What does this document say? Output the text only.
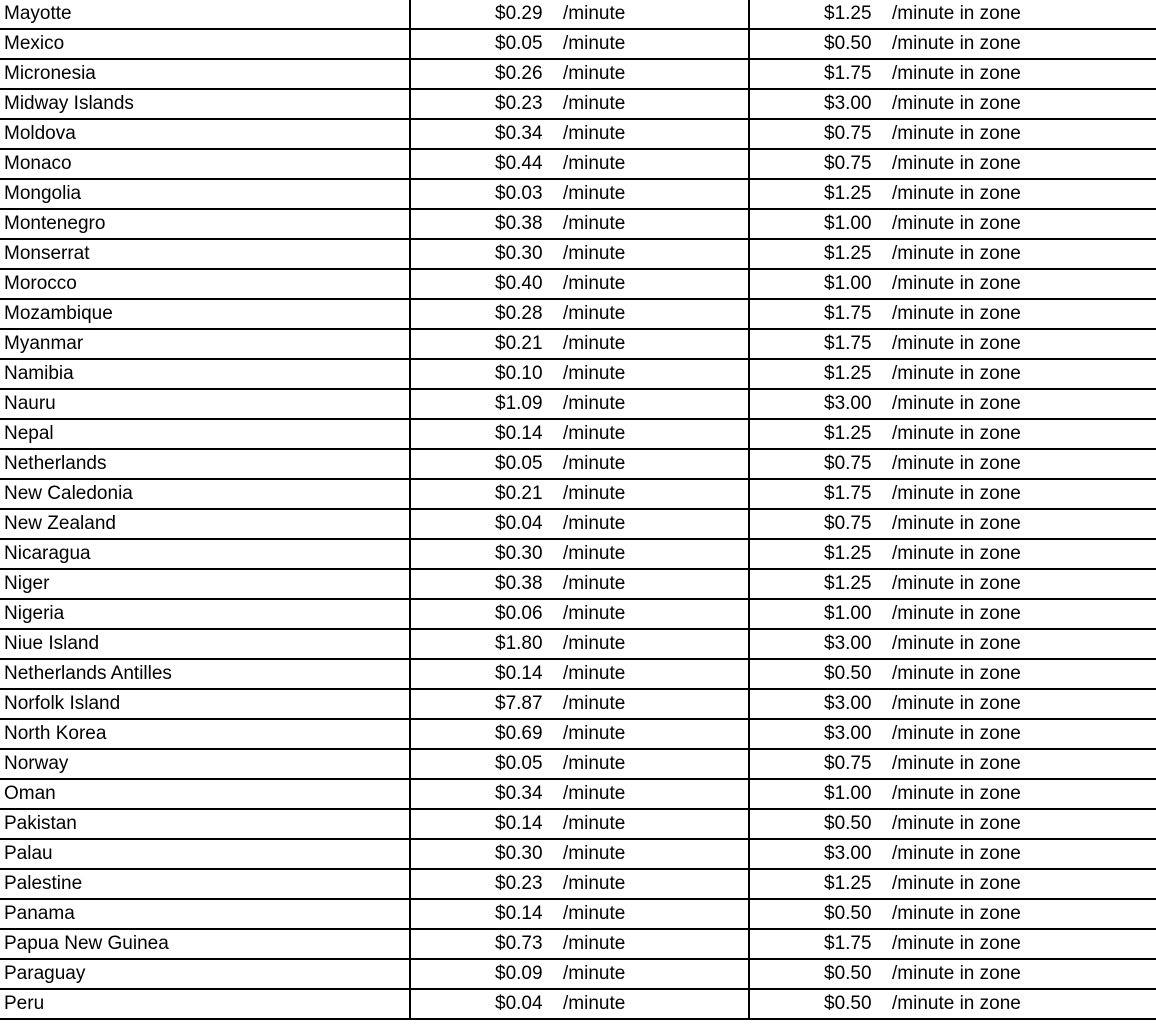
Mayotte	$0.29 /minute	$1.25 /minute in zone
Mexico	$0.05 /minute	$0.50 /minute in zone
Micronesia	$0.26 /minute	$1.75 /minute in zone
Midway Islands	$0.23 /minute	$3.00 /minute in zone
Moldova	$0.34 /minute	$0.75 /minute in zone
Monaco	$0.44 /minute	$0.75 /minute in zone
Mongolia	$0.03 /minute	$1.25 /minute in zone
Montenegro	$0.38 /minute	$1.00 /minute in zone
Monserrat	$0.30 /minute	$1.25 /minute in zone
Morocco	$0.40 /minute	$1.00 /minute in zone
Mozambique	$0.28 /minute	$1.75 /minute in zone
Myanmar	$0.21 /minute	$1.75 /minute in zone
Namibia	$0.10 /minute	$1.25 /minute in zone
Nauru	$1.09 /minute	$3.00 /minute in zone
Nepal	$0.14 /minute	$1.25 /minute in zone
Netherlands	$0.05 /minute	$0.75 /minute in zone
New Caledonia	$0.21 /minute	$1.75 /minute in zone
New Zealand	$0.04 /minute	$0.75 /minute in zone
Nicaragua	$0.30 /minute	$1.25 /minute in zone
Niger	$0.38 /minute	$1.25 /minute in zone
Nigeria	$0.06 /minute	$1.00 /minute in zone
Niue Island	$1.80 /minute	$3.00 /minute in zone
Netherlands Antilles	$0.14 /minute	$0.50 /minute in zone
Norfolk Island	$7.87 /minute	$3.00 /minute in zone
North Korea	$0.69 /minute	$3.00 /minute in zone
Norway	$0.05 /minute	$0.75 /minute in zone
Oman	$0.34 /minute	$1.00 /minute in zone
Pakistan	$0.14 /minute	$0.50 /minute in zone
Palau	$0.30 /minute	$3.00 /minute in zone
Palestine	$0.23 /minute	$1.25 /minute in zone
Panama	$0.14 /minute	$0.50 /minute in zone
Papua New Guinea	$0.73 /minute	$1.75 /minute in zone
Paraguay	$0.09 /minute	$0.50 /minute in zone
Peru	$0.04 /minute	$0.50 /minute in zone
